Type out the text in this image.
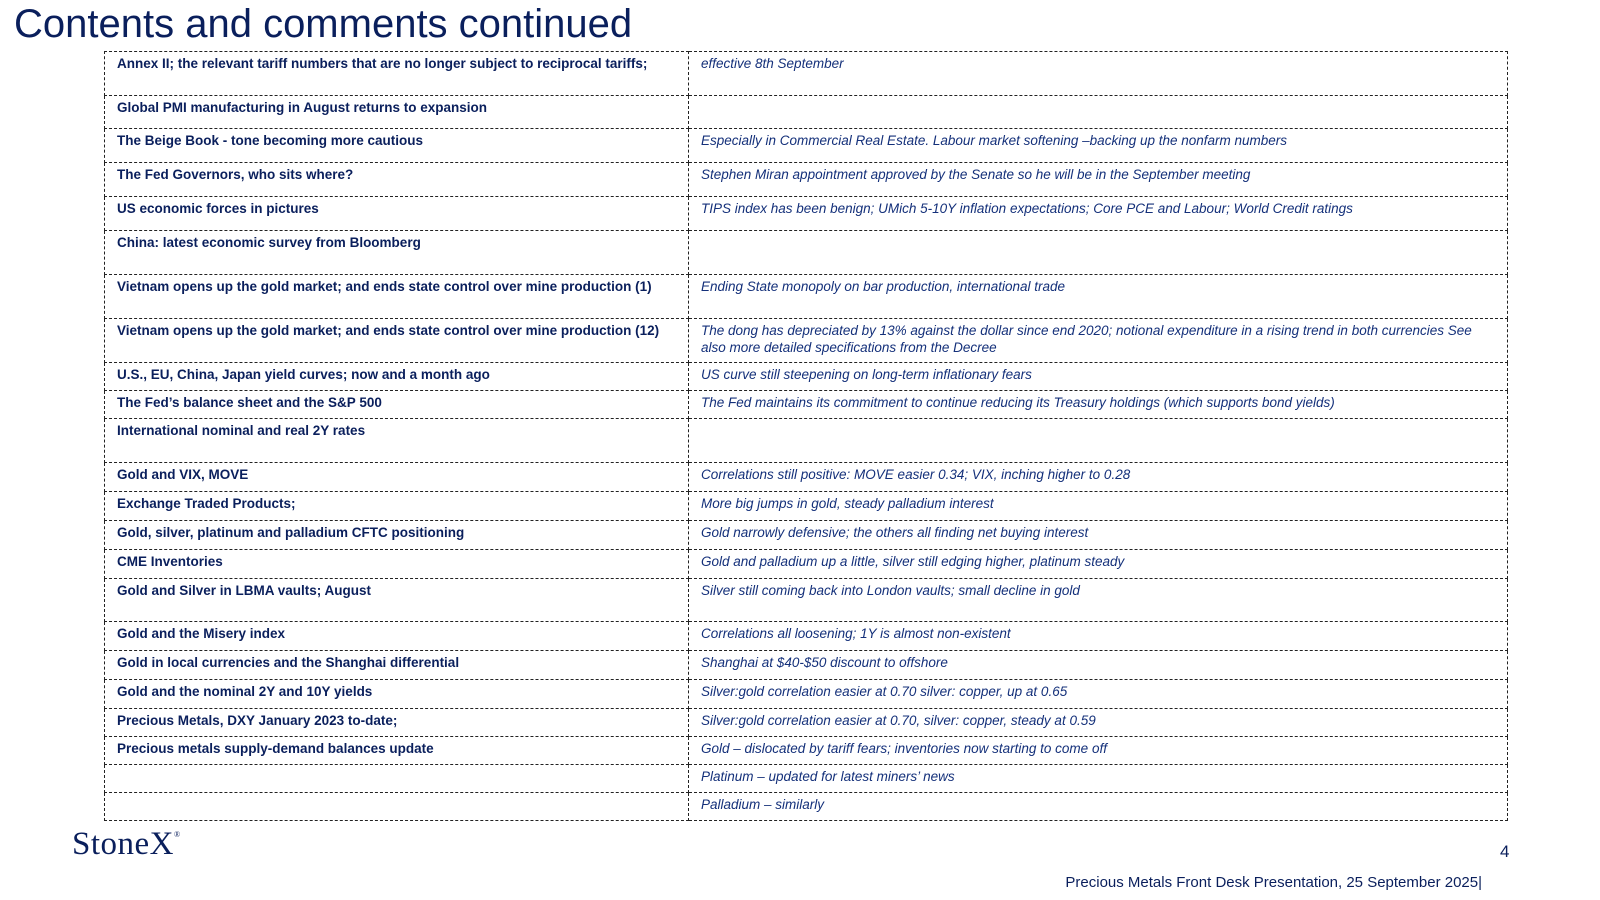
Contents and comments continued
Annex II; the relevant tariff numbers that are no longer subject to reciprocal tariffs;	effective 8th September
Global PMI manufacturing in August returns to expansion	
The Beige Book - tone becoming more cautious	Especially in Commercial Real Estate. Labour market softening –backing up the nonfarm numbers
The Fed Governors, who sits where?	Stephen Miran appointment approved by the Senate so he will be in the September meeting
US economic forces in pictures	TIPS index has been benign; UMich 5-10Y inflation expectations; Core PCE and Labour; World Credit ratings
China: latest economic survey from Bloomberg	
Vietnam opens up the gold market; and ends state control over mine production (1)	Ending State monopoly on bar production, international trade
Vietnam opens up the gold market; and ends state control over mine production (12)	The dong has depreciated by 13% against the dollar since end 2020; notional expenditure in a rising trend in both currencies See also more detailed specifications from the Decree
U.S., EU, China, Japan yield curves; now and a month ago	US curve still steepening on long-term inflationary fears
The Fed’s balance sheet and the S&P 500	The Fed maintains its commitment to continue reducing its Treasury holdings (which supports bond yields)
International nominal and real 2Y rates	
Gold and VIX, MOVE	Correlations still positive: MOVE easier 0.34; VIX, inching higher to 0.28
Exchange Traded Products;	More big jumps in gold, steady palladium interest
Gold, silver, platinum and palladium CFTC positioning	Gold narrowly defensive; the others all finding net buying interest
CME Inventories	Gold and palladium up a little, silver still edging higher, platinum steady
Gold and Silver in LBMA vaults; August	Silver still coming back into London vaults; small decline in gold
Gold and the Misery index	Correlations all loosening; 1Y is almost non-existent
Gold in local currencies and the Shanghai differential	Shanghai at $40-$50 discount to offshore
Gold and the nominal 2Y and 10Y yields	Silver:gold correlation easier at 0.70 silver: copper, up at 0.65
Precious Metals, DXY January 2023 to-date;	Silver:gold correlation easier at 0.70, silver: copper, steady at 0.59
Precious metals supply-demand balances update	Gold – dislocated by tariff fears; inventories now starting to come off
	Platinum – updated for latest miners’ news
	Palladium – similarly
StoneX®
4
Precious Metals Front Desk Presentation, 25 September 2025|
